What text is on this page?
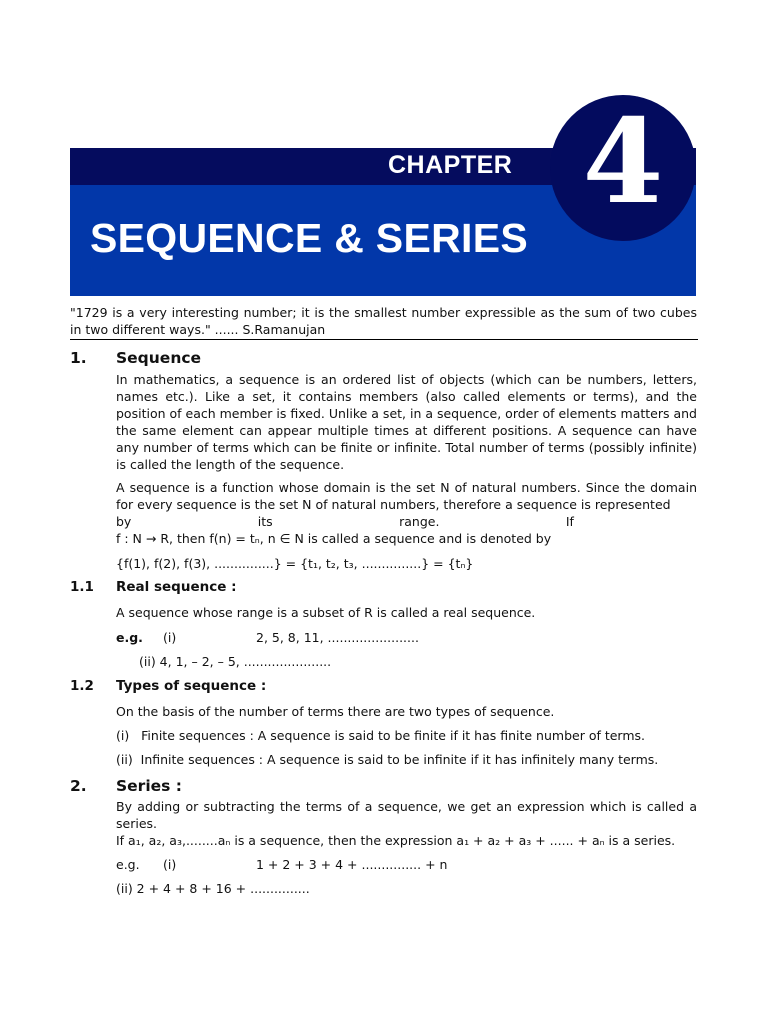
CHAPTER
SEQUENCE & SERIES
4
"1729 is a very interesting number; it is the smallest number expressible as the sum of two cubes in two different ways." ...... S.Ramanujan
1. Sequence
In mathematics, a sequence is an ordered list of objects (which can be numbers, letters, names etc.). Like a set, it contains members (also called elements or terms), and the position of each member is fixed. Unlike a set, in a sequence, order of elements matters and the same element can appear multiple times at different positions. A sequence can have any number of terms which can be finite or infinite. Total number of terms (possibly infinite) is called the length of the sequence.
A sequence is a function whose domain is the set N of natural numbers. Since the domain for every sequence is the set N of natural numbers, therefore a sequence is represented
by	its	range.	If
f : N → R, then f(n) = tₙ, n ∈ N is called a sequence and is denoted by
{f(1), f(2), f(3), ...............} = {t₁, t₂, t₃, ...............} = {tₙ}
1.1 Real sequence :
A sequence whose range is a subset of R is called a real sequence.
e.g. (i)	2, 5, 8, 11, .......................
(ii) 4, 1, – 2, – 5, ......................
1.2 Types of sequence :
On the basis of the number of terms there are two types of sequence.
(i)   Finite sequences : A sequence is said to be finite if it has finite number of terms.
(ii)  Infinite sequences : A sequence is said to be infinite if it has infinitely many terms.
2. Series :
By adding or subtracting the terms of a sequence, we get an expression which is called a series.
If a₁, a₂, a₃,........aₙ is a sequence, then the expression a₁ + a₂ + a₃ + ...... + aₙ is a series.
e.g. (i)	1 + 2 + 3 + 4 + ............... + n
(ii) 2 + 4 + 8 + 16 + ...............
